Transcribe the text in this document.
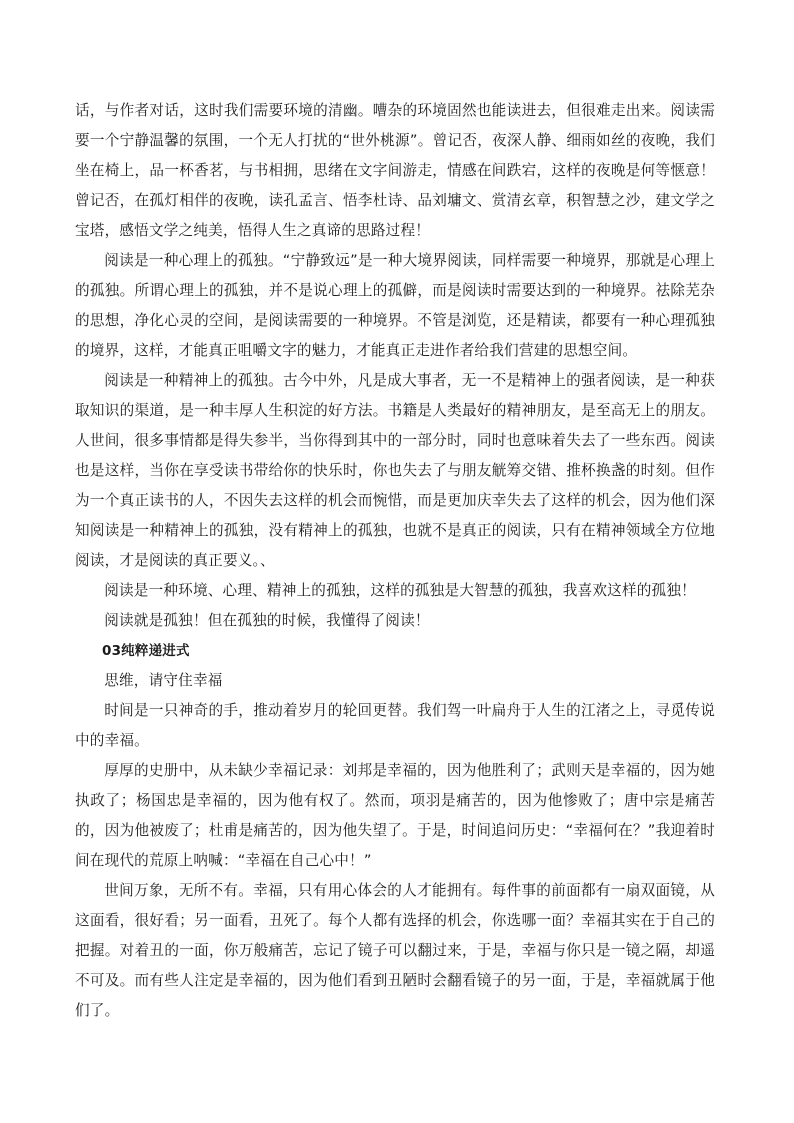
话，与作者对话，这时我们需要环境的清幽。嘈杂的环境固然也能读进去，但很难走出来。阅读需要一个宁静温馨的氛围，一个无人打扰的“世外桃源”。曾记否，夜深人静、细雨如丝的夜晚，我们坐在椅上，品一杯香茗，与书相拥，思绪在文字间游走，情感在间跌宕，这样的夜晚是何等惬意！曾记否，在孤灯相伴的夜晚，读孔孟言、悟李杜诗、品刘墉文、赏清玄章，积智慧之沙，建文学之宝塔，感悟文学之纯美，悟得人生之真谛的思路过程！

阅读是一种心理上的孤独。“宁静致远”是一种大境界阅读，同样需要一种境界，那就是心理上的孤独。所谓心理上的孤独，并不是说心理上的孤僻，而是阅读时需要达到的一种境界。祛除芜杂的思想，净化心灵的空间，是阅读需要的一种境界。不管是浏览，还是精读，都要有一种心理孤独的境界，这样，才能真正咀嚼文字的魅力，才能真正走进作者给我们营建的思想空间。

阅读是一种精神上的孤独。古今中外，凡是成大事者，无一不是精神上的强者阅读，是一种获取知识的渠道，是一种丰厚人生积淀的好方法。书籍是人类最好的精神朋友，是至高无上的朋友。人世间，很多事情都是得失参半，当你得到其中的一部分时，同时也意味着失去了一些东西。阅读也是这样，当你在享受读书带给你的快乐时，你也失去了与朋友觥筹交错、推杯换盏的时刻。但作为一个真正读书的人，不因失去这样的机会而惋惜，而是更加庆幸失去了这样的机会，因为他们深知阅读是一种精神上的孤独，没有精神上的孤独，也就不是真正的阅读，只有在精神领域全方位地阅读，才是阅读的真正要义。、

阅读是一种环境、心理、精神上的孤独，这样的孤独是大智慧的孤独，我喜欢这样的孤独！

阅读就是孤独！但在孤独的时候，我懂得了阅读！

03纯粹递进式

思维，请守住幸福

时间是一只神奇的手，推动着岁月的轮回更替。我们驾一叶扁舟于人生的江渚之上，寻觅传说中的幸福。

厚厚的史册中，从未缺少幸福记录：刘邦是幸福的，因为他胜利了；武则天是幸福的，因为她执政了；杨国忠是幸福的，因为他有权了。然而，项羽是痛苦的，因为他惨败了；唐中宗是痛苦的，因为他被废了；杜甫是痛苦的，因为他失望了。于是，时间追问历史：“幸福何在？”我迎着时间在现代的荒原上呐喊：“幸福在自己心中！”

世间万象，无所不有。幸福，只有用心体会的人才能拥有。每件事的前面都有一扇双面镜，从这面看，很好看；另一面看，丑死了。每个人都有选择的机会，你选哪一面？幸福其实在于自己的把握。对着丑的一面，你万般痛苦，忘记了镜子可以翻过来，于是，幸福与你只是一镜之隔，却遥不可及。而有些人注定是幸福的，因为他们看到丑陋时会翻看镜子的另一面，于是，幸福就属于他们了。
